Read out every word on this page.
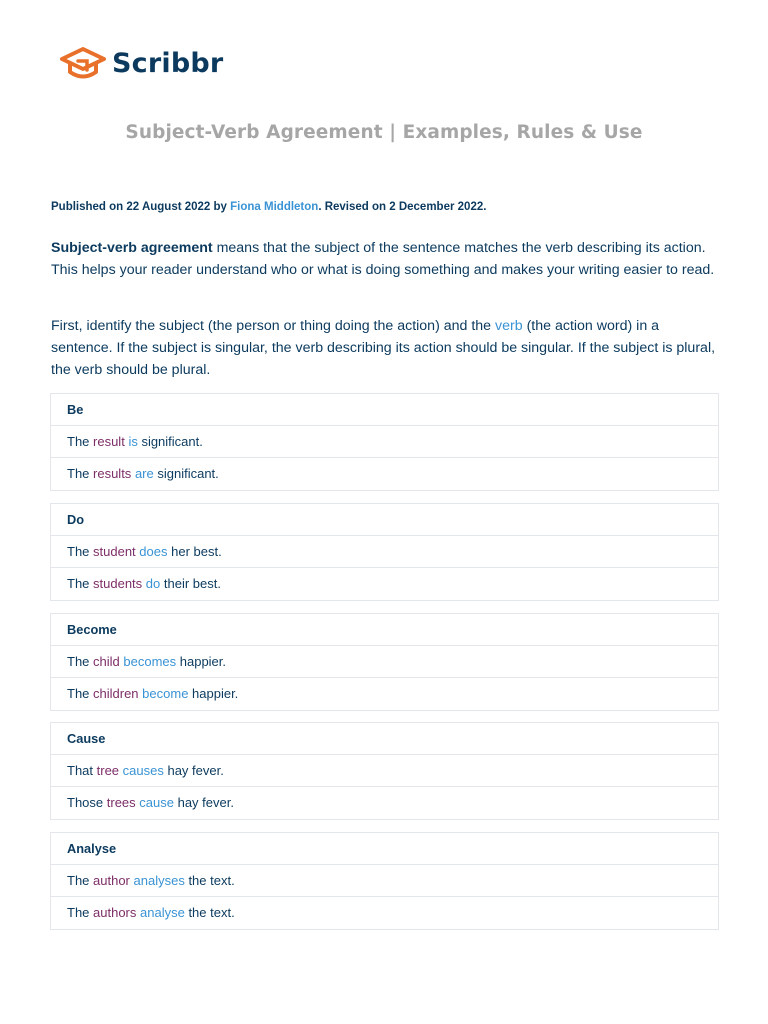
Scribbr
Subject-Verb Agreement | Examples, Rules & Use
Published on 22 August 2022 by Fiona Middleton. Revised on 2 December 2022.

Subject-verb agreement means that the subject of the sentence matches the verb describing its action. This helps your reader understand who or what is doing something and makes your writing easier to read.

First, identify the subject (the person or thing doing the action) and the verb (the action word) in a sentence. If the subject is singular, the verb describing its action should be singular. If the subject is plural, the verb should be plural.

Be
The result is significant.
The results are significant.
Do
The student does her best.
The students do their best.
Become
The child becomes happier.
The children become happier.
Cause
That tree causes hay fever.
Those trees cause hay fever.
Analyse
The author analyses the text.
The authors analyse the text.
